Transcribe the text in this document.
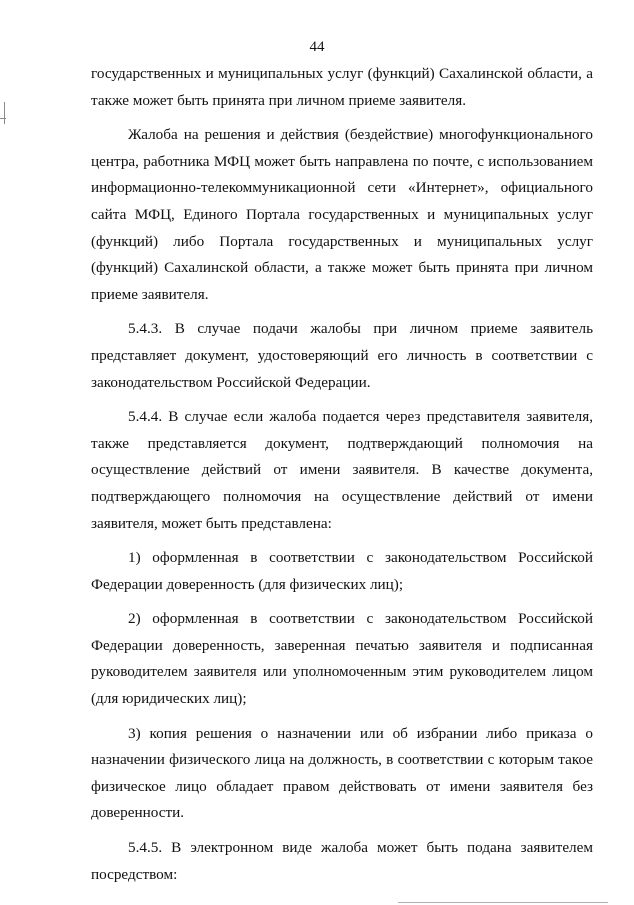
44

государственных и муниципальных услуг (функций) Сахалинской области, а также может быть принята при личном приеме заявителя.

Жалоба на решения и действия (бездействие) многофункционального центра, работника МФЦ может быть направлена по почте, с использованием информационно-телекоммуникационной сети «Интернет», официального сайта МФЦ, Единого Портала государственных и муниципальных услуг (функций) либо Портала государственных и муниципальных услуг (функций) Сахалинской области, а также может быть принята при личном приеме заявителя.

5.4.3. В случае подачи жалобы при личном приеме заявитель представляет документ, удостоверяющий его личность в соответствии с законодательством Российской Федерации.

5.4.4. В случае если жалоба подается через представителя заявителя, также представляется документ, подтверждающий полномочия на осуществление действий от имени заявителя. В качестве документа, подтверждающего полномочия на осуществление действий от имени заявителя, может быть представлена:

1) оформленная в соответствии с законодательством Российской Федерации доверенность (для физических лиц);

2) оформленная в соответствии с законодательством Российской Федерации доверенность, заверенная печатью заявителя и подписанная руководителем заявителя или уполномоченным этим руководителем лицом (для юридических лиц);

3) копия решения о назначении или об избрании либо приказа о назначении физического лица на должность, в соответствии с которым такое физическое лицо обладает правом действовать от имени заявителя без доверенности.

5.4.5. В электронном виде жалоба может быть подана заявителем посредством:
